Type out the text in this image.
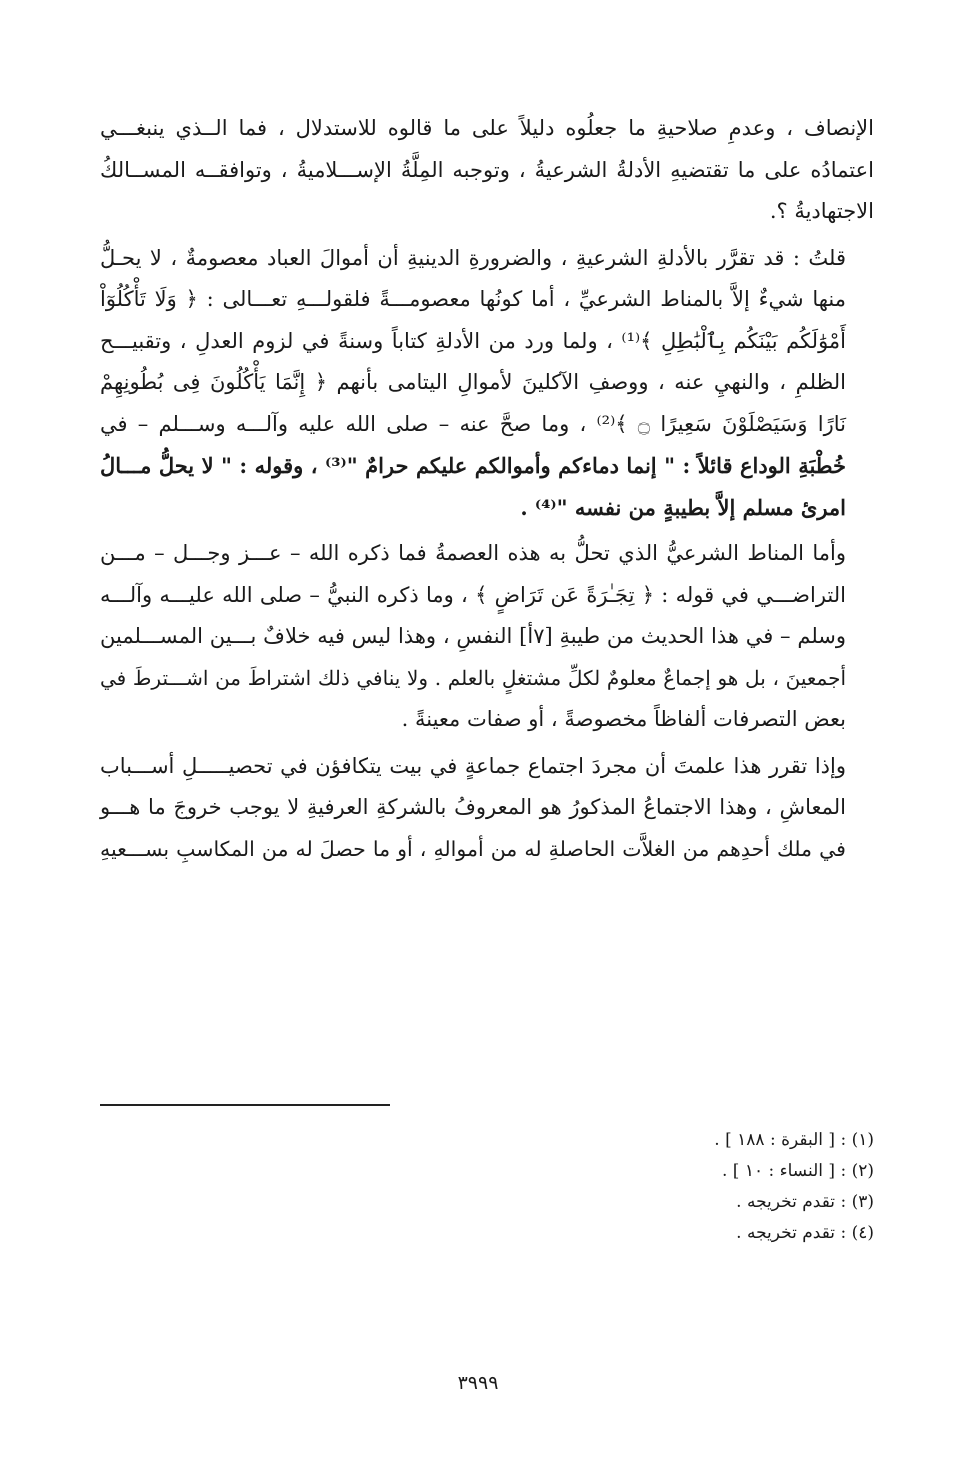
الإنصاف ، وعدمِ صلاحيةِ ما جعلُوه دليلاً على ما قالوه للاستدلال ، فما الــذي ينبغـــي
اعتمادُه على ما تقتضيهِ الأدلةُ الشرعيةُ ، وتوجبه المِلَّةُ الإســـلاميةُ ، وتوافقــه المســالكُ
الاجتهاديةُ ؟.

قلتُ : قد تقرَّر بالأدلةِ الشرعيةِ ، والضرورةِ الدينيةِ أن أموالَ العباد معصومةٌ ، لا يحـلُّ
منها شيءٌ إلاَّ بالمناط الشرعيِّ ، أما كونُها معصومـــةً فلقولـــهِ تعـــالى : ﴿ وَلَا تَأْكُلُوٓاْ
أَمْوَٰلَكُم بَيْنَكُم بِٱلْبَٰطِلِ ﴾⁽¹⁾ ، ولما ورد من الأدلةِ كتاباً وسنةً في لزوم العدلِ ، وتقبيـــح
الظلمِ ، والنهيِ عنه ، ووصفِ الآكلينَ لأموالِ اليتامى بأنهم ﴿ إِنَّمَا يَأْكُلُونَ فِى بُطُونِهِمْ
نَارًا وَسَيَصْلَوْنَ سَعِيرًا ۝ ﴾⁽²⁾ ، وما صحَّ عنه – صلى الله عليه وآلـــه وســـلم – في
خُطْبَةِ الوداع قائلاً : " إنما دماءكم وأموالكم عليكم حرامٌ "⁽³⁾ ، وقوله : " لا يحلُّ مـــالُ
امرئ مسلم إلاَّ بطيبةٍ من نفسه "⁽⁴⁾ .

وأما المناط الشرعيُّ الذي تحلُّ به هذه العصمةُ فما ذكره الله – عـــز وجـــل – مـــن
التراضـــي في قوله : ﴿ تِجَـٰرَةً عَن تَرَاضٍ ﴾ ، وما ذكره النبيُّ – صلى الله عليـــه وآلـــه
وسلم – في هذا الحديث من طيبةِ [٧أ] النفسِ ، وهذا ليس فيه خلافٌ بـــين المســـلمين
أجمعينَ ، بل هو إجماعٌ معلومٌ لكلِّ مشتغلٍ بالعلم . ولا ينافي ذلك اشتراطَ من اشـــترطَ في
بعض التصرفات ألفاظاً مخصوصةً ، أو صفات معينةً .

وإذا تقرر هذا علمتَ أن مجردَ اجتماع جماعةٍ في بيت يتكافؤن في تحصيـــــلِ أســـباب
المعاشِ ، وهذا الاجتماعُ المذكورُ هو المعروفُ بالشركةِ العرفيةِ لا يوجب خروجَ ما هـــو
في ملك أحدِهم من الغلاَّت الحاصلةِ له من أموالهِ ، أو ما حصلَ له من المكاسبِ بســـعيهِ

(١) : [ البقرة : ١٨٨ ] .
(٢) : [ النساء : ١٠ ] .
(٣) : تقدم تخريجه .
(٤) : تقدم تخريجه .
٣٩٩٩
